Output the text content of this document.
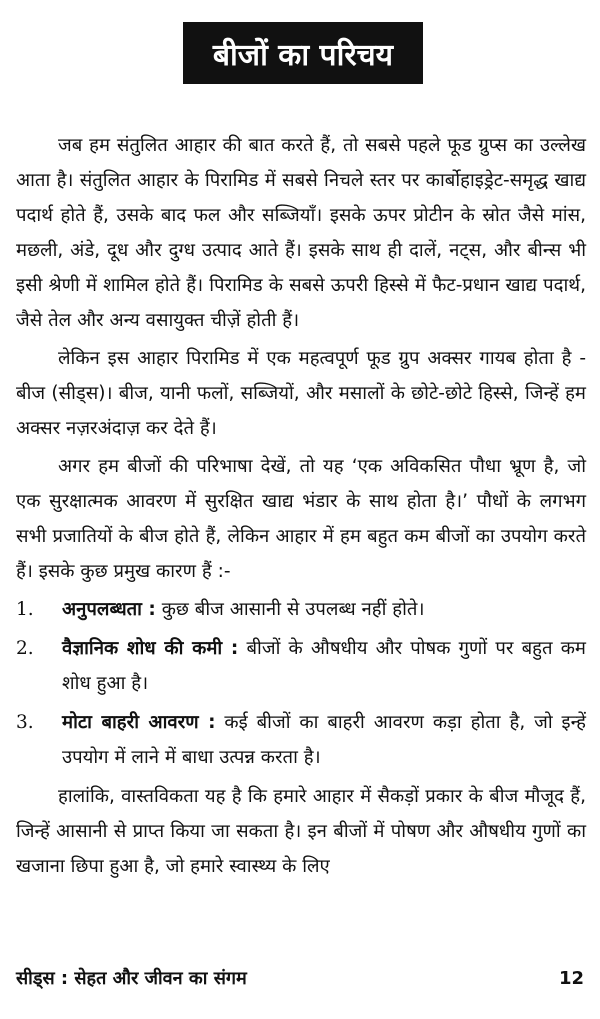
बीजों का परिचय

जब हम संतुलित आहार की बात करते हैं, तो सबसे पहले फूड ग्रुप्स का उल्लेख आता है। संतुलित आहार के पिरामिड में सबसे निचले स्तर पर कार्बोहाइड्रेट-समृद्ध खाद्य पदार्थ होते हैं, उसके बाद फल और सब्जियाँ। इसके ऊपर प्रोटीन के स्रोत जैसे मांस, मछली, अंडे, दूध और दुग्ध उत्पाद आते हैं। इसके साथ ही दालें, नट्स, और बीन्स भी इसी श्रेणी में शामिल होते हैं। पिरामिड के सबसे ऊपरी हिस्से में फैट-प्रधान खाद्य पदार्थ, जैसे तेल और अन्य वसायुक्त चीज़ें होती हैं।

लेकिन इस आहार पिरामिड में एक महत्वपूर्ण फूड ग्रुप अक्सर गायब होता है - बीज (सीड्स)। बीज, यानी फलों, सब्जियों, और मसालों के छोटे-छोटे हिस्से, जिन्हें हम अक्सर नज़रअंदाज़ कर देते हैं।

अगर हम बीजों की परिभाषा देखें, तो यह ‘एक अविकसित पौधा भ्रूण है, जो एक सुरक्षात्मक आवरण में सुरक्षित खाद्य भंडार के साथ होता है।’ पौधों के लगभग सभी प्रजातियों के बीज होते हैं, लेकिन आहार में हम बहुत कम बीजों का उपयोग करते हैं। इसके कुछ प्रमुख कारण हैं :-

1.	अनुपलब्धता : कुछ बीज आसानी से उपलब्ध नहीं होते।
2.	वैज्ञानिक शोध की कमी : बीजों के औषधीय और पोषक गुणों पर बहुत कम शोध हुआ है।
3.	मोटा बाहरी आवरण : कई बीजों का बाहरी आवरण कड़ा होता है, जो इन्हें उपयोग में लाने में बाधा उत्पन्न करता है।

हालांकि, वास्तविकता यह है कि हमारे आहार में सैकड़ों प्रकार के बीज मौजूद हैं, जिन्हें आसानी से प्राप्त किया जा सकता है। इन बीजों में पोषण और औषधीय गुणों का खजाना छिपा हुआ है, जो हमारे स्वास्थ्य के लिए

सीड्स : सेहत और जीवन का संगम	12
